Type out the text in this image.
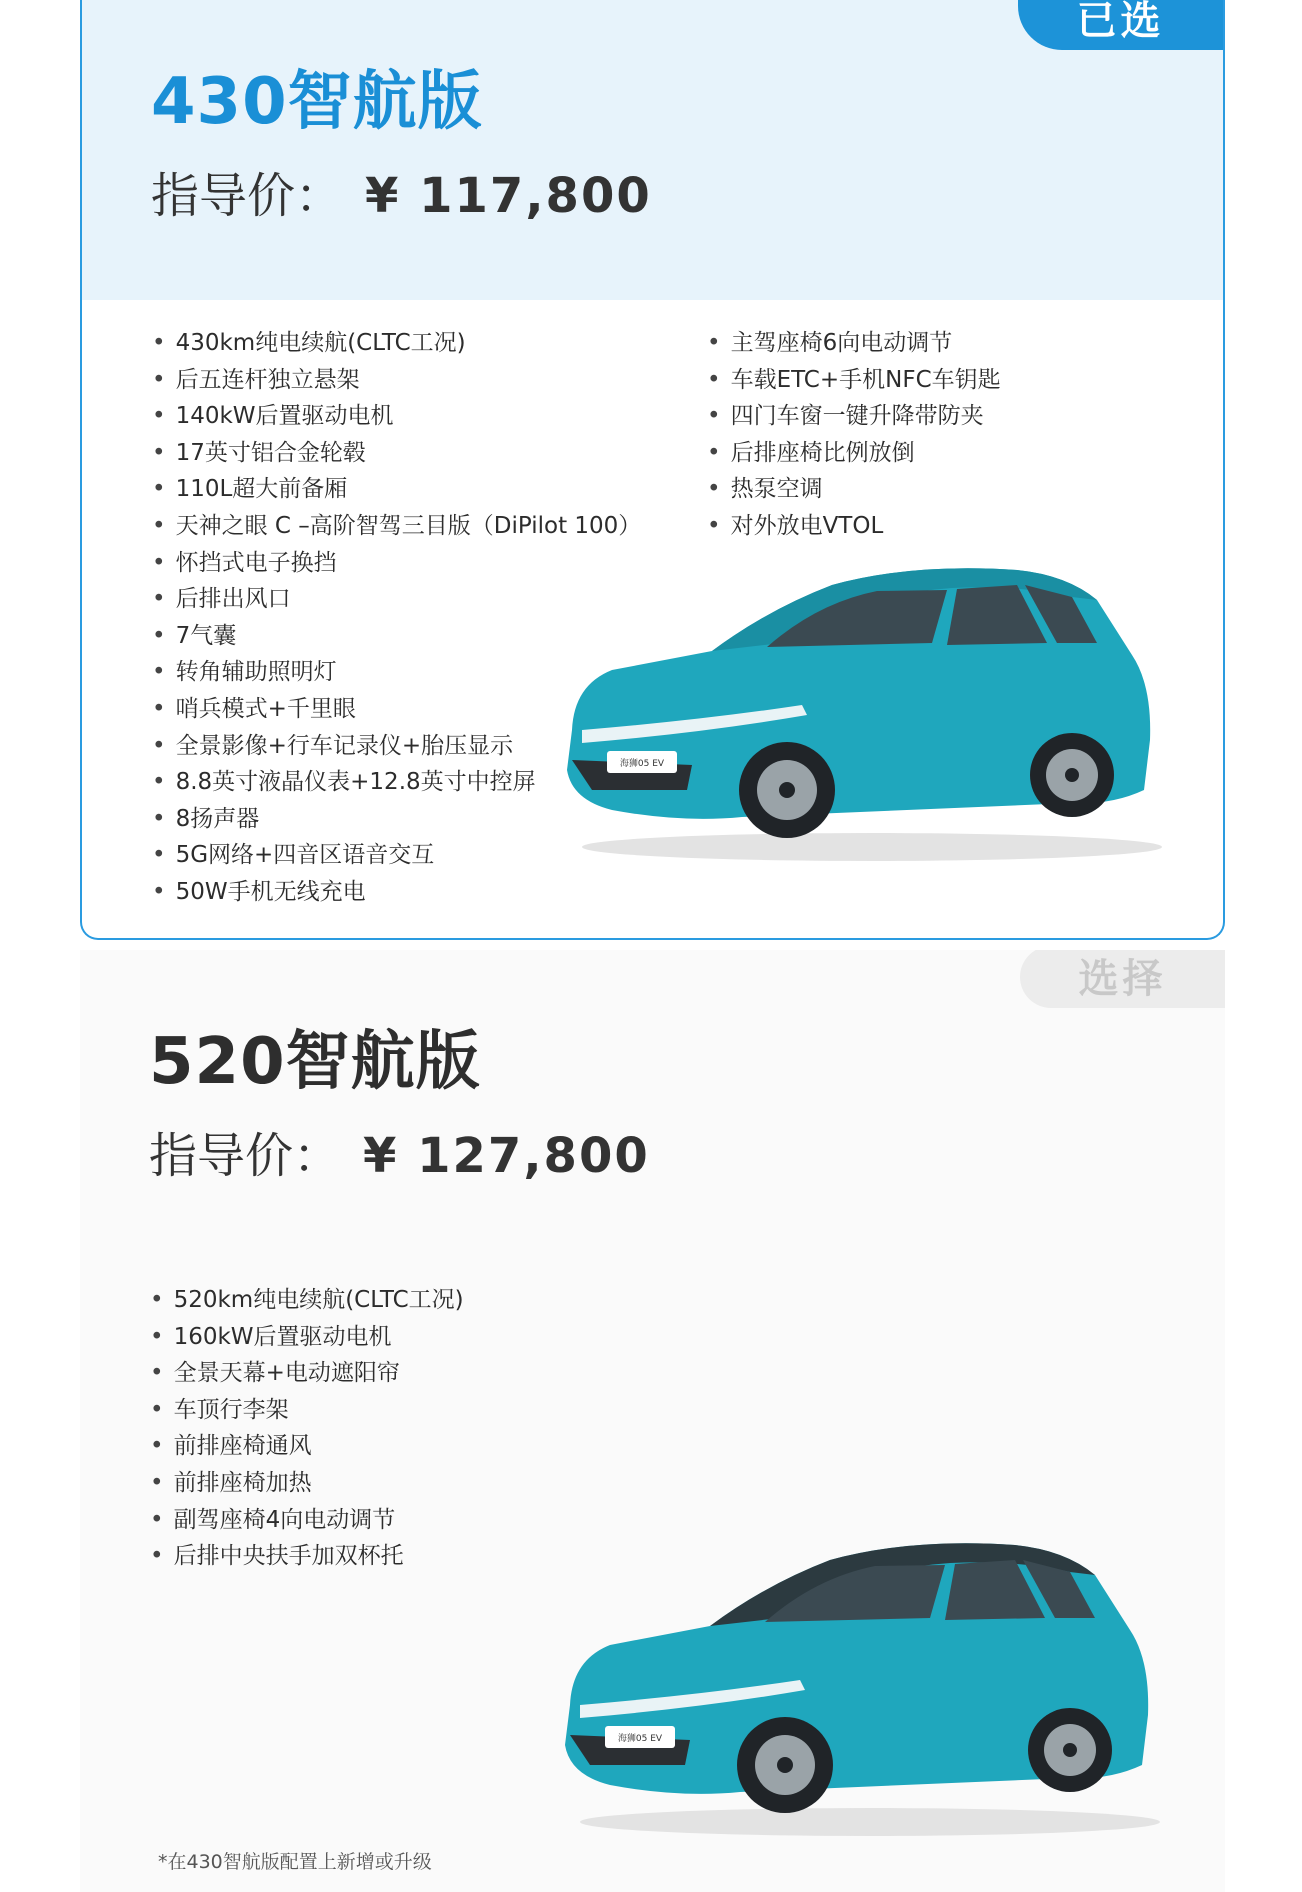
已选
430智航版
指导价： ¥ 117,800
• 430km纯电续航(CLTC工况)
• 后五连杆独立悬架
• 140kW后置驱动电机
• 17英寸铝合金轮毂
• 110L超大前备厢
• 天神之眼 C –高阶智驾三目版（DiPilot 100）
• 怀挡式电子换挡
• 后排出风口
• 7气囊
• 转角辅助照明灯
• 哨兵模式+千里眼
• 全景影像+行车记录仪+胎压显示
• 8.8英寸液晶仪表+12.8英寸中控屏
• 8扬声器
• 5G网络+四音区语音交互
• 50W手机无线充电
• 主驾座椅6向电动调节
• 车载ETC+手机NFC车钥匙
• 四门车窗一键升降带防夹
• 后排座椅比例放倒
• 热泵空调
• 对外放电VTOL
海狮05 EV
选择
520智航版
指导价： ¥ 127,800
• 520km纯电续航(CLTC工况)
• 160kW后置驱动电机
• 全景天幕+电动遮阳帘
• 车顶行李架
• 前排座椅通风
• 前排座椅加热
• 副驾座椅4向电动调节
• 后排中央扶手加双杯托
海狮05 EV
*在430智航版配置上新增或升级
